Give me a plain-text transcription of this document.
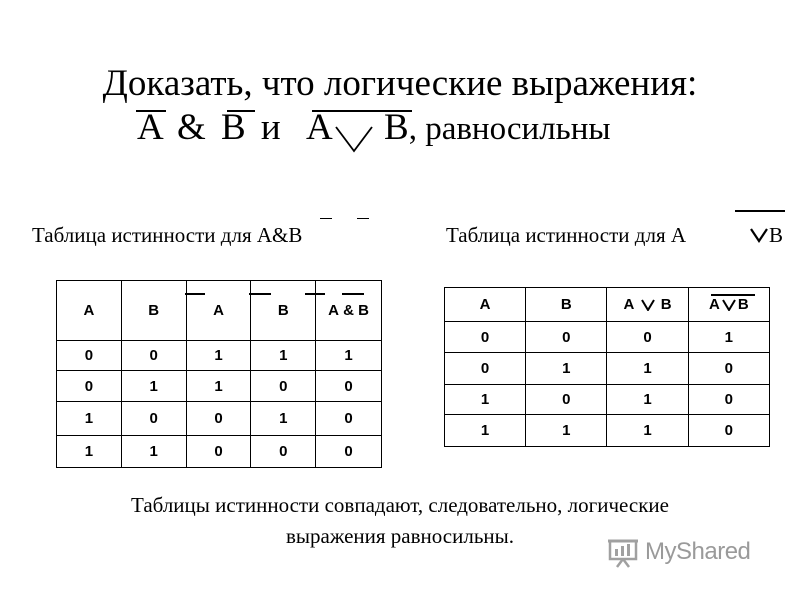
Доказать, что логические выражения:
A & B и A B, равносильны
Таблица истинности для A&B	Таблица истинности для A	B
А	В	А	В	А & В
0	0	1	1	1
0	1	1	0	0
1	0	0	1	0
1	1	0	0	0
А	В	А В	А В
0	0	0	1
0	1	1	0
1	0	1	0
1	1	1	0
Таблицы истинности совпадают, следовательно, логические
выражения равносильны.
MyShared
